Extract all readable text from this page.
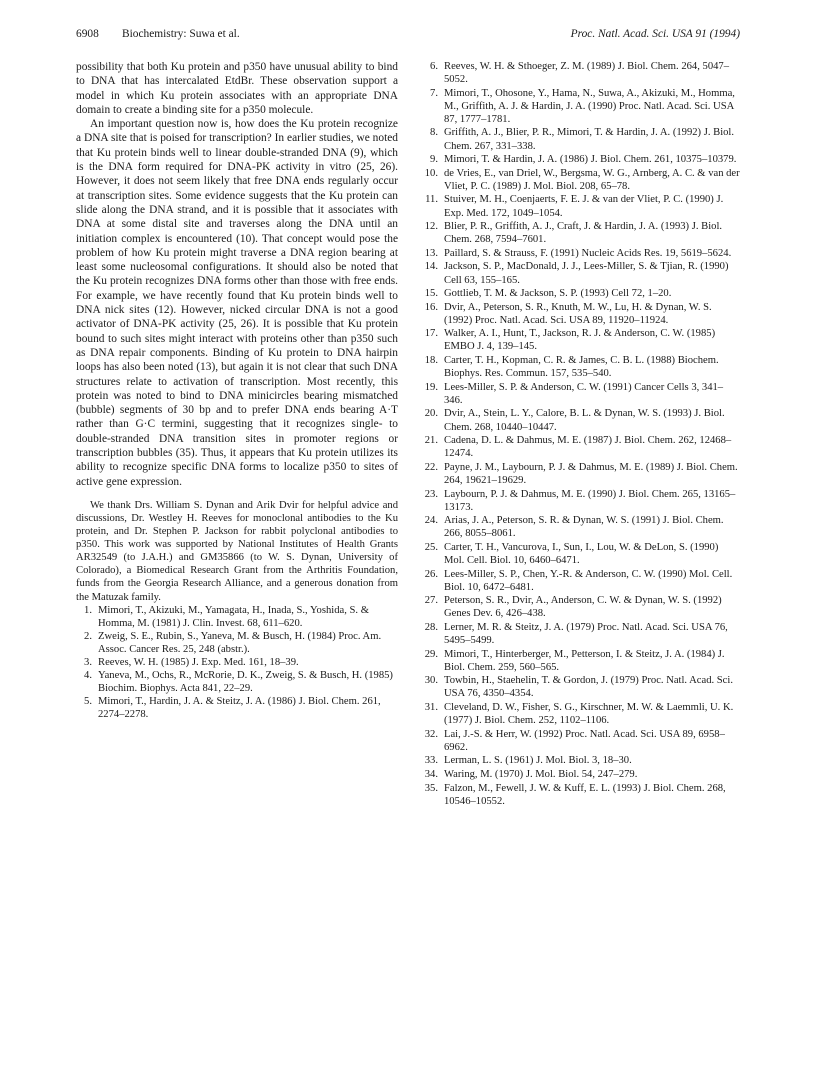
6908 Biochemistry: Suwa et al.	Proc. Natl. Acad. Sci. USA 91 (1994)

possibility that both Ku protein and p350 have unusual ability to bind to DNA that has intercalated EtdBr. These observation support a model in which Ku protein associates with an appropriate DNA domain to create a binding site for a p350 molecule.

An important question now is, how does the Ku protein recognize a DNA site that is poised for transcription? In earlier studies, we noted that Ku protein binds well to linear double-stranded DNA (9), which is the DNA form required for DNA-PK activity in vitro (25, 26). However, it does not seem likely that free DNA ends regularly occur at transcription sites. Some evidence suggests that the Ku protein can slide along the DNA strand, and it is possible that it associates with DNA at some distal site and traverses along the DNA until an initiation complex is encountered (10). That concept would pose the problem of how Ku protein might traverse a DNA region bearing at least some nucleosomal configurations. It should also be noted that the Ku protein recognizes DNA forms other than those with free ends. For example, we have recently found that Ku protein binds well to DNA nick sites (12). However, nicked circular DNA is not a good activator of DNA-PK activity (25, 26). It is possible that Ku protein bound to such sites might interact with proteins other than p350 such as DNA repair components. Binding of Ku protein to DNA hairpin loops has also been noted (13), but again it is not clear that such DNA structures relate to activation of transcription. Most recently, this protein was noted to bind to DNA minicircles bearing mismatched (bubble) segments of 30 bp and to prefer DNA ends bearing A·T rather than G·C termini, suggesting that it recognizes single- to double-stranded DNA transition sites in promoter regions or transcription bubbles (35). Thus, it appears that Ku protein utilizes its ability to recognize specific DNA forms to localize p350 to sites of active gene expression.

We thank Drs. William S. Dynan and Arik Dvir for helpful advice and discussions, Dr. Westley H. Reeves for monoclonal antibodies to the Ku protein, and Dr. Stephen P. Jackson for rabbit polyclonal antibodies to p350. This work was supported by National Institutes of Health Grants AR32549 (to J.A.H.) and GM35866 (to W. S. Dynan, University of Colorado), a Biomedical Research Grant from the Arthritis Foundation, funds from the Georgia Research Alliance, and a generous donation from the Matuzak family.

1. Mimori, T., Akizuki, M., Yamagata, H., Inada, S., Yoshida, S. & Homma, M. (1981) J. Clin. Invest. 68, 611–620.
2. Zweig, S. E., Rubin, S., Yaneva, M. & Busch, H. (1984) Proc. Am. Assoc. Cancer Res. 25, 248 (abstr.).
3. Reeves, W. H. (1985) J. Exp. Med. 161, 18–39.
4. Yaneva, M., Ochs, R., McRorie, D. K., Zweig, S. & Busch, H. (1985) Biochim. Biophys. Acta 841, 22–29.
5. Mimori, T., Hardin, J. A. & Steitz, J. A. (1986) J. Biol. Chem. 261, 2274–2278.
6. Reeves, W. H. & Sthoeger, Z. M. (1989) J. Biol. Chem. 264, 5047–5052.
7. Mimori, T., Ohosone, Y., Hama, N., Suwa, A., Akizuki, M., Homma, M., Griffith, A. J. & Hardin, J. A. (1990) Proc. Natl. Acad. Sci. USA 87, 1777–1781.
8. Griffith, A. J., Blier, P. R., Mimori, T. & Hardin, J. A. (1992) J. Biol. Chem. 267, 331–338.
9. Mimori, T. & Hardin, J. A. (1986) J. Biol. Chem. 261, 10375–10379.
10. de Vries, E., van Driel, W., Bergsma, W. G., Arnberg, A. C. & van der Vliet, P. C. (1989) J. Mol. Biol. 208, 65–78.
11. Stuiver, M. H., Coenjaerts, F. E. J. & van der Vliet, P. C. (1990) J. Exp. Med. 172, 1049–1054.
12. Blier, P. R., Griffith, A. J., Craft, J. & Hardin, J. A. (1993) J. Biol. Chem. 268, 7594–7601.
13. Paillard, S. & Strauss, F. (1991) Nucleic Acids Res. 19, 5619–5624.
14. Jackson, S. P., MacDonald, J. J., Lees-Miller, S. & Tjian, R. (1990) Cell 63, 155–165.
15. Gottlieb, T. M. & Jackson, S. P. (1993) Cell 72, 1–20.
16. Dvir, A., Peterson, S. R., Knuth, M. W., Lu, H. & Dynan, W. S. (1992) Proc. Natl. Acad. Sci. USA 89, 11920–11924.
17. Walker, A. I., Hunt, T., Jackson, R. J. & Anderson, C. W. (1985) EMBO J. 4, 139–145.
18. Carter, T. H., Kopman, C. R. & James, C. B. L. (1988) Biochem. Biophys. Res. Commun. 157, 535–540.
19. Lees-Miller, S. P. & Anderson, C. W. (1991) Cancer Cells 3, 341–346.
20. Dvir, A., Stein, L. Y., Calore, B. L. & Dynan, W. S. (1993) J. Biol. Chem. 268, 10440–10447.
21. Cadena, D. L. & Dahmus, M. E. (1987) J. Biol. Chem. 262, 12468–12474.
22. Payne, J. M., Laybourn, P. J. & Dahmus, M. E. (1989) J. Biol. Chem. 264, 19621–19629.
23. Laybourn, P. J. & Dahmus, M. E. (1990) J. Biol. Chem. 265, 13165–13173.
24. Arias, J. A., Peterson, S. R. & Dynan, W. S. (1991) J. Biol. Chem. 266, 8055–8061.
25. Carter, T. H., Vancurova, I., Sun, I., Lou, W. & DeLon, S. (1990) Mol. Cell. Biol. 10, 6460–6471.
26. Lees-Miller, S. P., Chen, Y.-R. & Anderson, C. W. (1990) Mol. Cell. Biol. 10, 6472–6481.
27. Peterson, S. R., Dvir, A., Anderson, C. W. & Dynan, W. S. (1992) Genes Dev. 6, 426–438.
28. Lerner, M. R. & Steitz, J. A. (1979) Proc. Natl. Acad. Sci. USA 76, 5495–5499.
29. Mimori, T., Hinterberger, M., Petterson, I. & Steitz, J. A. (1984) J. Biol. Chem. 259, 560–565.
30. Towbin, H., Staehelin, T. & Gordon, J. (1979) Proc. Natl. Acad. Sci. USA 76, 4350–4354.
31. Cleveland, D. W., Fisher, S. G., Kirschner, M. W. & Laemmli, U. K. (1977) J. Biol. Chem. 252, 1102–1106.
32. Lai, J.-S. & Herr, W. (1992) Proc. Natl. Acad. Sci. USA 89, 6958–6962.
33. Lerman, L. S. (1961) J. Mol. Biol. 3, 18–30.
34. Waring, M. (1970) J. Mol. Biol. 54, 247–279.
35. Falzon, M., Fewell, J. W. & Kuff, E. L. (1993) J. Biol. Chem. 268, 10546–10552.
